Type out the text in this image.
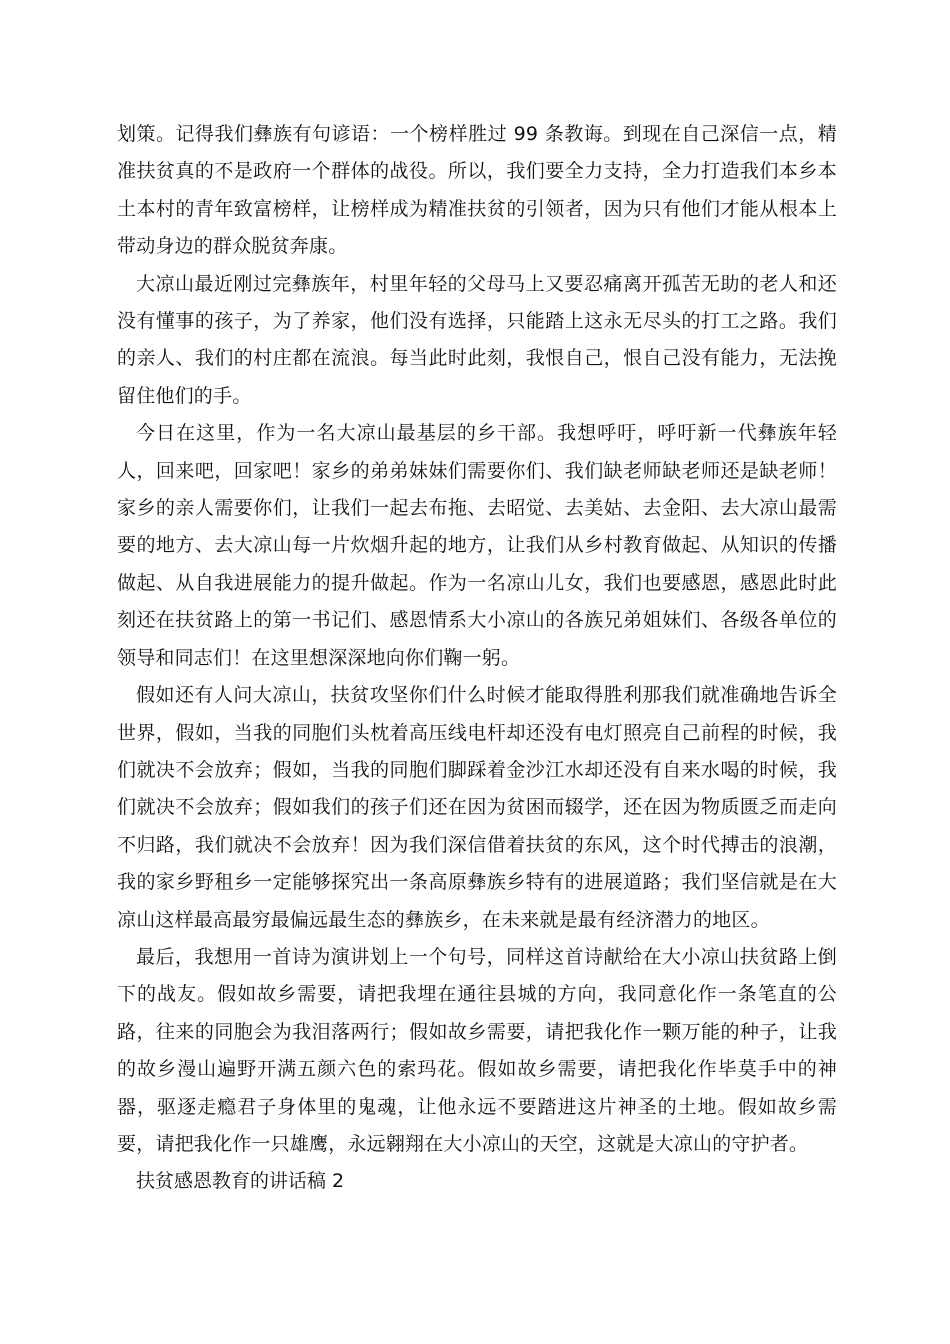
划策。记得我们彝族有句谚语：一个榜样胜过 99 条教诲。到现在自己深信一点，精准扶贫真的不是政府一个群体的战役。所以，我们要全力支持，全力打造我们本乡本土本村的青年致富榜样，让榜样成为精准扶贫的引领者，因为只有他们才能从根本上带动身边的群众脱贫奔康。

大凉山最近刚过完彝族年，村里年轻的父母马上又要忍痛离开孤苦无助的老人和还没有懂事的孩子，为了养家，他们没有选择，只能踏上这永无尽头的打工之路。我们的亲人、我们的村庄都在流浪。每当此时此刻，我恨自己，恨自己没有能力，无法挽留住他们的手。

今日在这里，作为一名大凉山最基层的乡干部。我想呼吁，呼吁新一代彝族年轻人，回来吧，回家吧！家乡的弟弟妹妹们需要你们、我们缺老师缺老师还是缺老师！家乡的亲人需要你们，让我们一起去布拖、去昭觉、去美姑、去金阳、去大凉山最需要的地方、去大凉山每一片炊烟升起的地方，让我们从乡村教育做起、从知识的传播做起、从自我进展能力的提升做起。作为一名凉山儿女，我们也要感恩，感恩此时此刻还在扶贫路上的第一书记们、感恩情系大小凉山的各族兄弟姐妹们、各级各单位的领导和同志们！在这里想深深地向你们鞠一躬。

假如还有人问大凉山，扶贫攻坚你们什么时候才能取得胜利那我们就准确地告诉全世界，假如，当我的同胞们头枕着高压线电杆却还没有电灯照亮自己前程的时候，我们就决不会放弃；假如，当我的同胞们脚踩着金沙江水却还没有自来水喝的时候，我们就决不会放弃；假如我们的孩子们还在因为贫困而辍学，还在因为物质匮乏而走向不归路，我们就决不会放弃！因为我们深信借着扶贫的东风，这个时代搏击的浪潮，我的家乡野租乡一定能够探究出一条高原彝族乡特有的进展道路；我们坚信就是在大凉山这样最高最穷最偏远最生态的彝族乡，在未来就是最有经济潜力的地区。

最后，我想用一首诗为演讲划上一个句号，同样这首诗献给在大小凉山扶贫路上倒下的战友。假如故乡需要，请把我埋在通往县城的方向，我同意化作一条笔直的公路，往来的同胞会为我泪落两行；假如故乡需要，请把我化作一颗万能的种子，让我的故乡漫山遍野开满五颜六色的索玛花。假如故乡需要，请把我化作毕莫手中的神器，驱逐走瘾君子身体里的鬼魂，让他永远不要踏进这片神圣的土地。假如故乡需要，请把我化作一只雄鹰，永远翱翔在大小凉山的天空，这就是大凉山的守护者。

扶贫感恩教育的讲话稿 2
